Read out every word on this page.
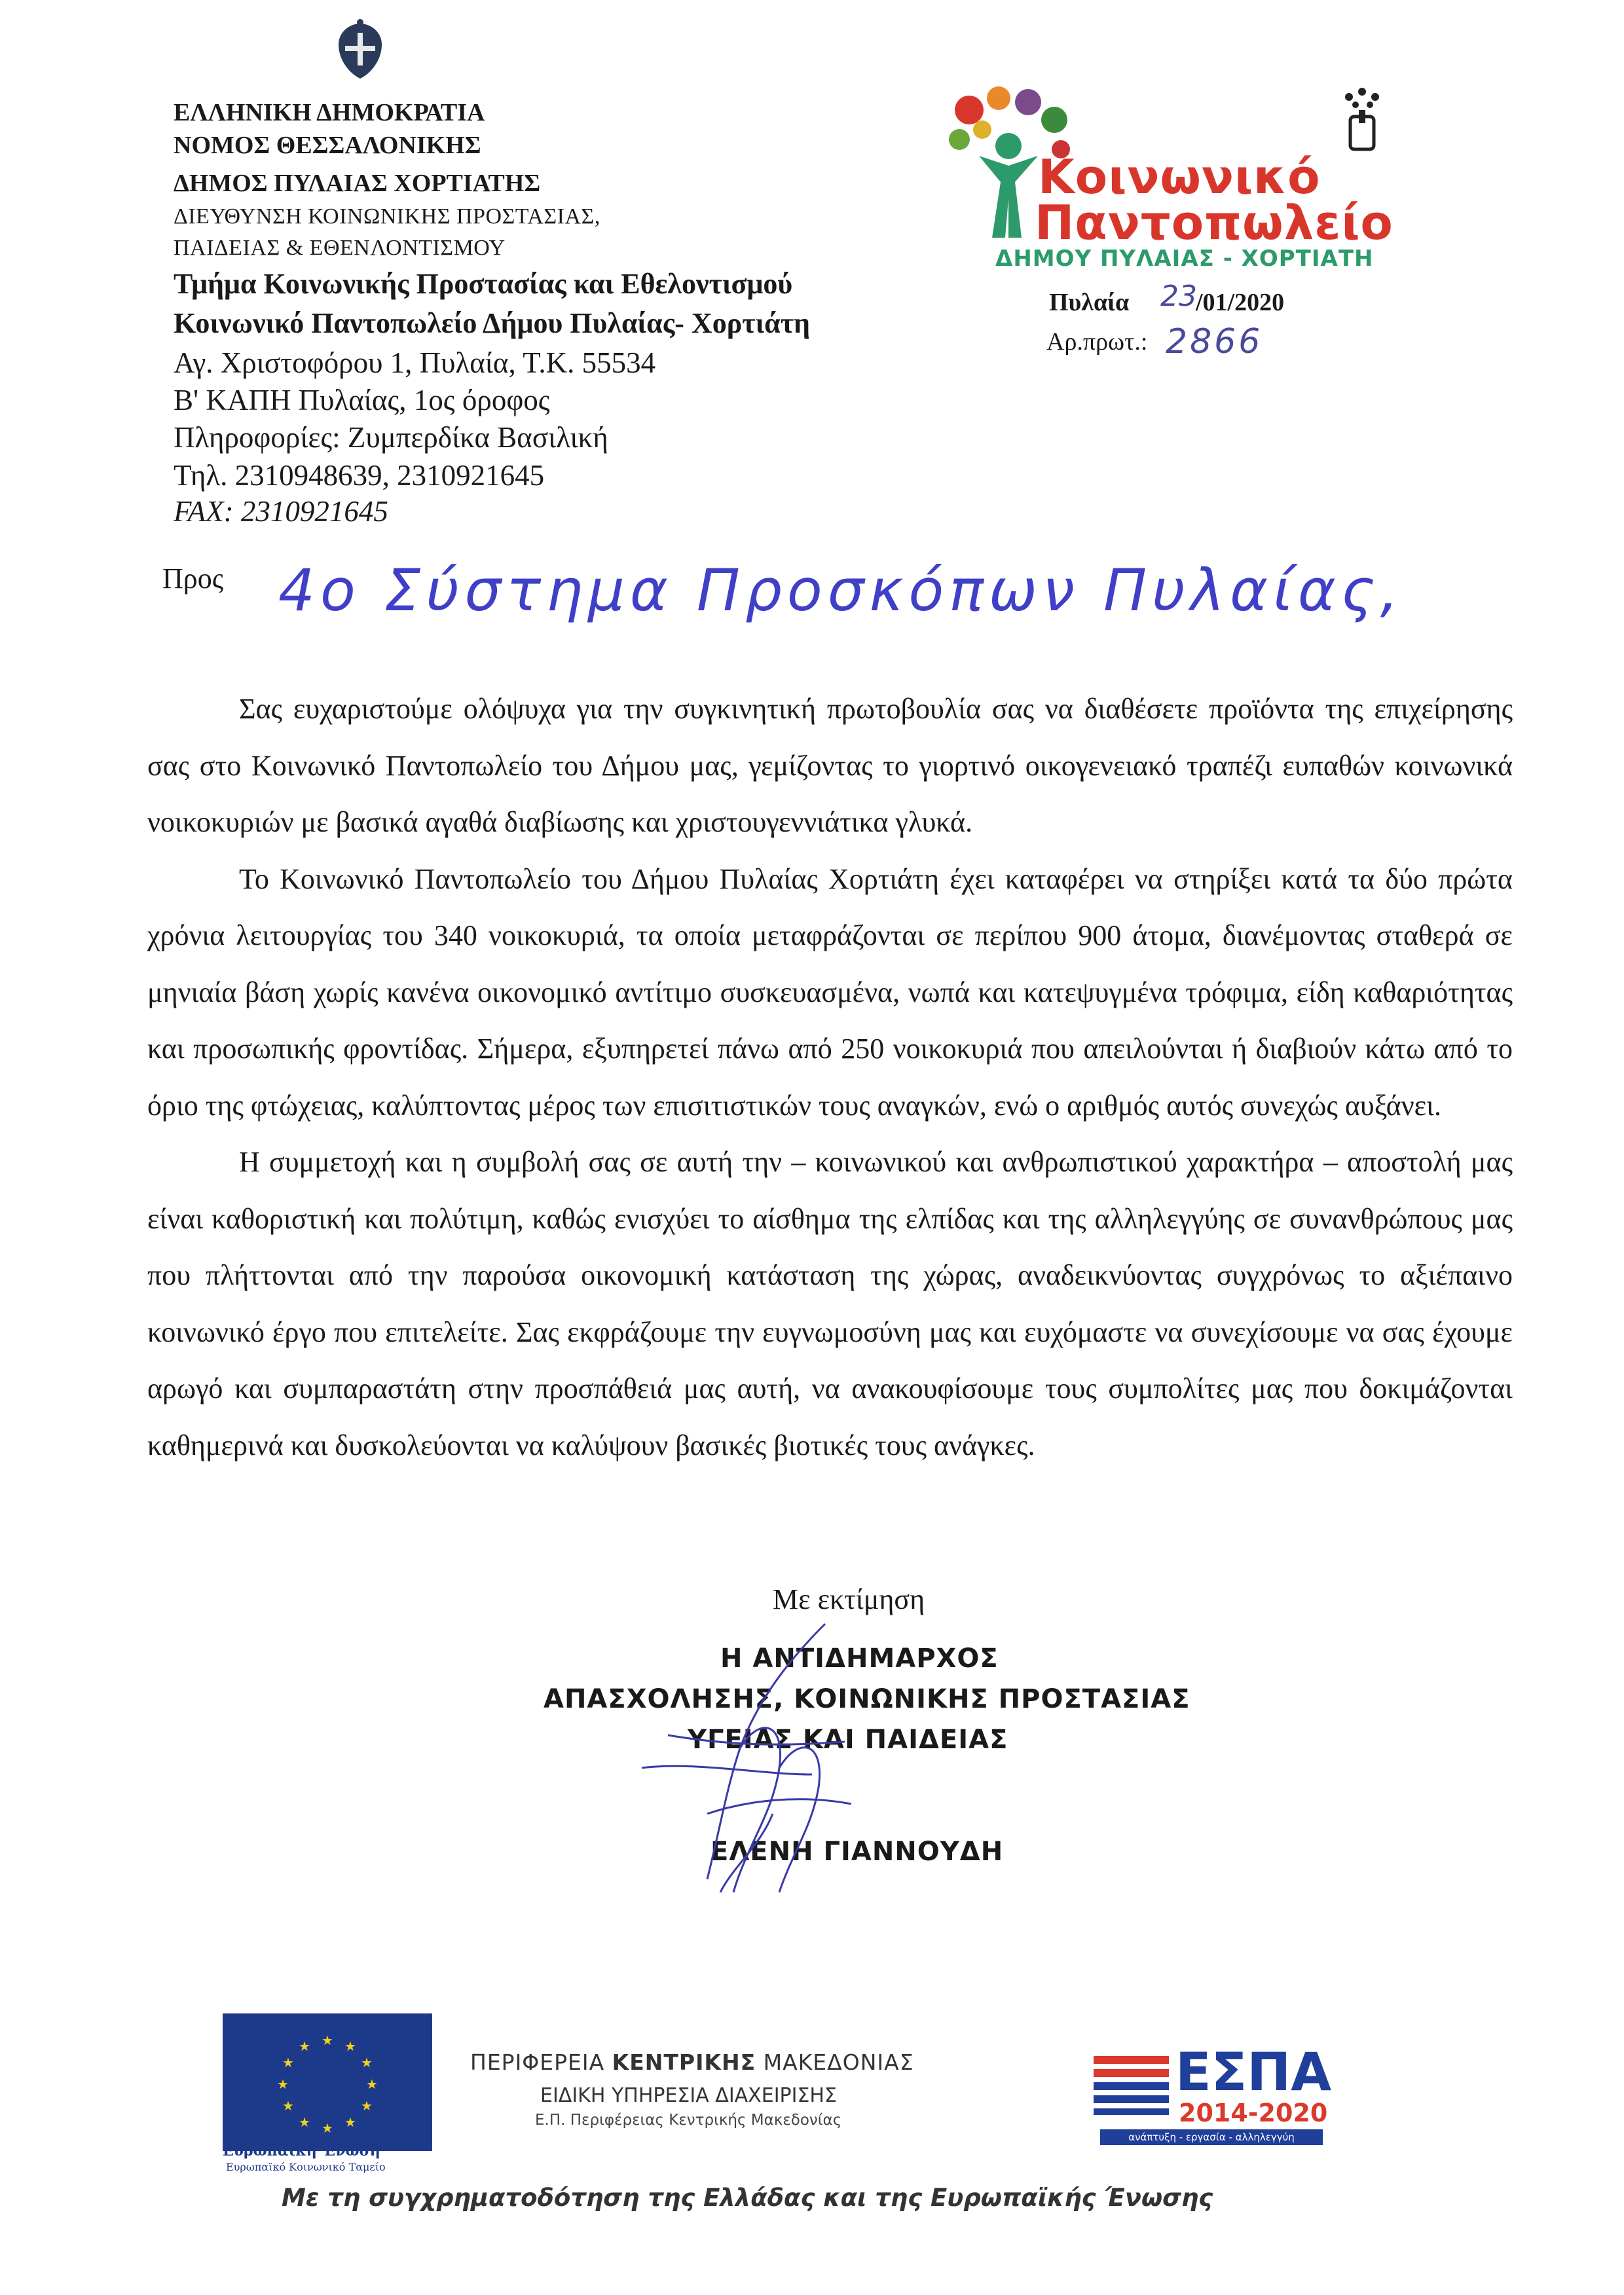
ΕΛΛΗΝΙΚΗ ΔΗΜΟΚΡΑΤΙΑ
ΝΟΜΟΣ ΘΕΣΣΑΛΟΝΙΚΗΣ
ΔΗΜΟΣ ΠΥΛΑΙΑΣ ΧΟΡΤΙΑΤΗΣ
ΔΙΕΥΘΥΝΣΗ ΚΟΙΝΩΝΙΚΗΣ ΠΡΟΣΤΑΣΙΑΣ,
ΠΑΙΔΕΙΑΣ & ΕΘΕΝΛΟΝΤΙΣΜΟΥ
Τμήμα Κοινωνικής Προστασίας και Εθελοντισμού
Κοινωνικό Παντοπωλείο Δήμου Πυλαίας- Χορτιάτη
Αγ. Χριστοφόρου 1, Πυλαία, Τ.Κ. 55534
Β' ΚΑΠΗ Πυλαίας, 1ος όροφος
Πληροφορίες: Ζυμπερδίκα Βασιλική
Τηλ. 2310948639, 2310921645
FAX: 2310921645
Κοινωνικό
Παντοπωλείο
ΔΗΜΟΥ ΠΥΛΑΙΑΣ - ΧΟΡΤΙΑΤΗ
Πυλαία 23
/01/2020
Αρ.πρωτ.: 2866
Προς 4ο Σύστημα Προσκόπων Πυλαίας,

Σας ευχαριστούμε ολόψυχα για την συγκινητική πρωτοβουλία σας να διαθέσετε προϊόντα της επιχείρησης σας στο Κοινωνικό Παντοπωλείο του Δήμου μας, γεμίζοντας το γιορτινό οικογενειακό τραπέζι ευπαθών κοινωνικά νοικοκυριών με βασικά αγαθά διαβίωσης και χριστουγεννιάτικα γλυκά.

Το Κοινωνικό Παντοπωλείο του Δήμου Πυλαίας Χορτιάτη έχει καταφέρει να στηρίξει κατά τα δύο πρώτα χρόνια λειτουργίας του 340 νοικοκυριά, τα οποία μεταφράζονται σε περίπου 900 άτομα, διανέμοντας σταθερά σε μηνιαία βάση χωρίς κανένα οικονομικό αντίτιμο συσκευασμένα, νωπά και κατεψυγμένα τρόφιμα, είδη καθαριότητας και προσωπικής φροντίδας. Σήμερα, εξυπηρετεί πάνω από 250 νοικοκυριά που απειλούνται ή διαβιούν κάτω από το όριο της φτώχειας, καλύπτοντας μέρος των επισιτιστικών τους αναγκών, ενώ ο αριθμός αυτός συνεχώς αυξάνει.

Η συμμετοχή και η συμβολή σας σε αυτή την – κοινωνικού και ανθρωπιστικού χαρακτήρα – αποστολή μας είναι καθοριστική και πολύτιμη, καθώς ενισχύει το αίσθημα της ελπίδας και της αλληλεγγύης σε συνανθρώπους μας που πλήττονται από την παρούσα οικονομική κατάσταση της χώρας, αναδεικνύοντας συγχρόνως το αξιέπαινο κοινωνικό έργο που επιτελείτε. Σας εκφράζουμε την ευγνωμοσύνη μας και ευχόμαστε να συνεχίσουμε να σας έχουμε αρωγό και συμπαραστάτη στην προσπάθειά μας αυτή, να ανακουφίσουμε τους συμπολίτες μας που δοκιμάζονται καθημερινά και δυσκολεύονται να καλύψουν βασικές βιοτικές τους ανάγκες.

Με εκτίμηση
Η ΑΝΤΙΔΗΜΑΡΧΟΣ
ΑΠΑΣΧΟΛΗΣΗΣ, ΚΟΙΝΩΝΙΚΗΣ ΠΡΟΣΤΑΣΙΑΣ
ΥΓΕΙΑΣ ΚΑΙ ΠΑΙΔΕΙΑΣ
ΕΛΕΝΗ ΓΙΑΝΝΟΥΔΗ
★ ★
★
★
★
★
★
★
★
★
★
★
Ευρωπαϊκή Ένωση
Ευρωπαϊκό Κοινωνικό Ταμείο
ΠΕΡΙΦΕΡΕΙΑ ΚΕΝΤΡΙΚΗΣ ΜΑΚΕΔΟΝΙΑΣ
ΕΙΔΙΚΗ ΥΠΗΡΕΣΙΑ ΔΙΑΧΕΙΡΙΣΗΣ
Ε.Π. Περιφέρειας Κεντρικής Μακεδονίας
ΕΣΠΑ
2014-2020
ανάπτυξη - εργασία - αλληλεγγύη
Με τη συγχρηματοδότηση της Ελλάδας και της Ευρωπαϊκής Ένωσης
